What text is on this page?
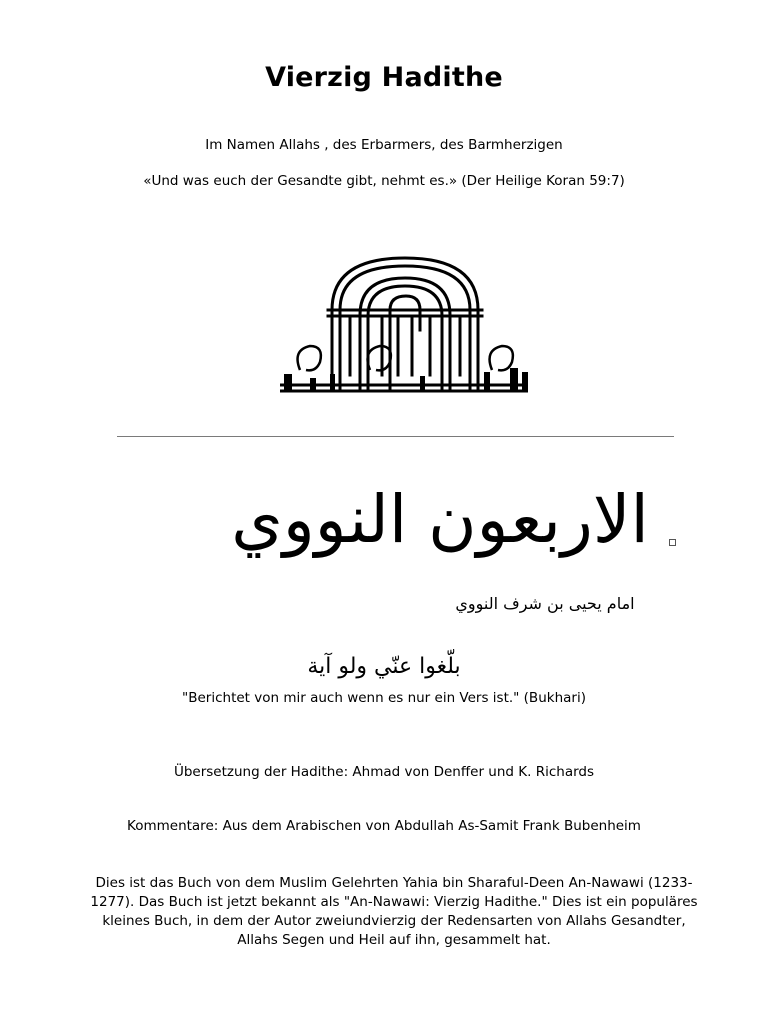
Vierzig Hadithe
Im Namen Allahs , des Erbarmers, des Barmherzigen
«Und was euch der Gesandte gibt, nehmt es.» (Der Heilige Koran 59:7)
الاربعون النووي
امام يحيى بن شرف النووي
بلّغوا عنّي ولو آية
"Berichtet von mir auch wenn es nur ein Vers ist." (Bukhari)
Übersetzung der Hadithe: Ahmad von Denffer und K. Richards
Kommentare: Aus dem Arabischen von Abdullah As-Samit Frank Bubenheim
Dies ist das Buch von dem Muslim Gelehrten Yahia bin Sharaful-Deen An-Nawawi (1233-1277). Das Buch ist jetzt bekannt als "An-Nawawi: Vierzig Hadithe." Dies ist ein populäres kleines Buch, in dem der Autor zweiundvierzig der Redensarten von Allahs Gesandter, Allahs Segen und Heil auf ihn, gesammelt hat.
